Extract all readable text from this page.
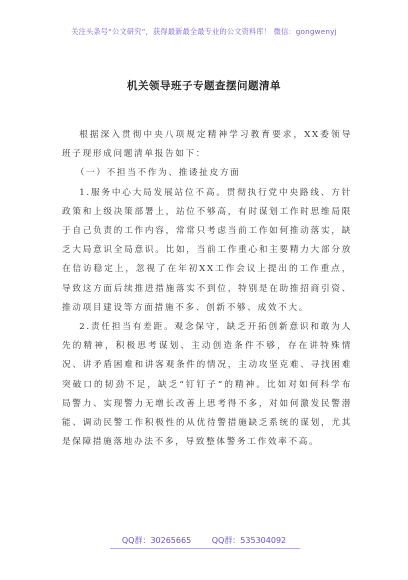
关注头条号“公文研究”，获得最新最全最专业的公文资料库！ 微信：gongwenyj
机关领导班子专题查摆问题清单

根据深入贯彻中央八项规定精神学习教育要求，XX委领导班子现形成问题清单报告如下：

（一）不担当不作为、推诿扯皮方面

1.服务中心大局发展站位不高。贯彻执行党中央路线、方针政策和上级决策部署上，站位不够高，有时谋划工作时思维局限于自己负责的工作内容，常常只考虑当前工作如何推动落实，缺乏大局意识全局意识。比如，当前工作重心和主要精力大部分放在信访稳定上，忽视了在年初XX工作会议上提出的工作重点，导致这方面后续推进措施落实不到位，特别是在助推招商引资、推动项目建设等方面措施不多、创新不够、成效不大。

2.责任担当有差距。观念保守，缺乏开拓创新意识和敢为人先的精神，积极思考谋划、主动创造条件不够，存在讲特殊情况、讲矛盾困难和讲客观条件的情况，主动攻坚克难、寻找困难突破口的韧劲不足，缺乏“钉钉子”的精神。比如对如何科学布局警力、实现警力无增长改善上思考得不多，对如何激发民警潜能、调动民警工作积极性的从优待警措施缺乏系统的谋划，尤其是保障措施落地办法不多，导致整体警务工作效率不高。

QQ群：30265665	QQ群：535304092
